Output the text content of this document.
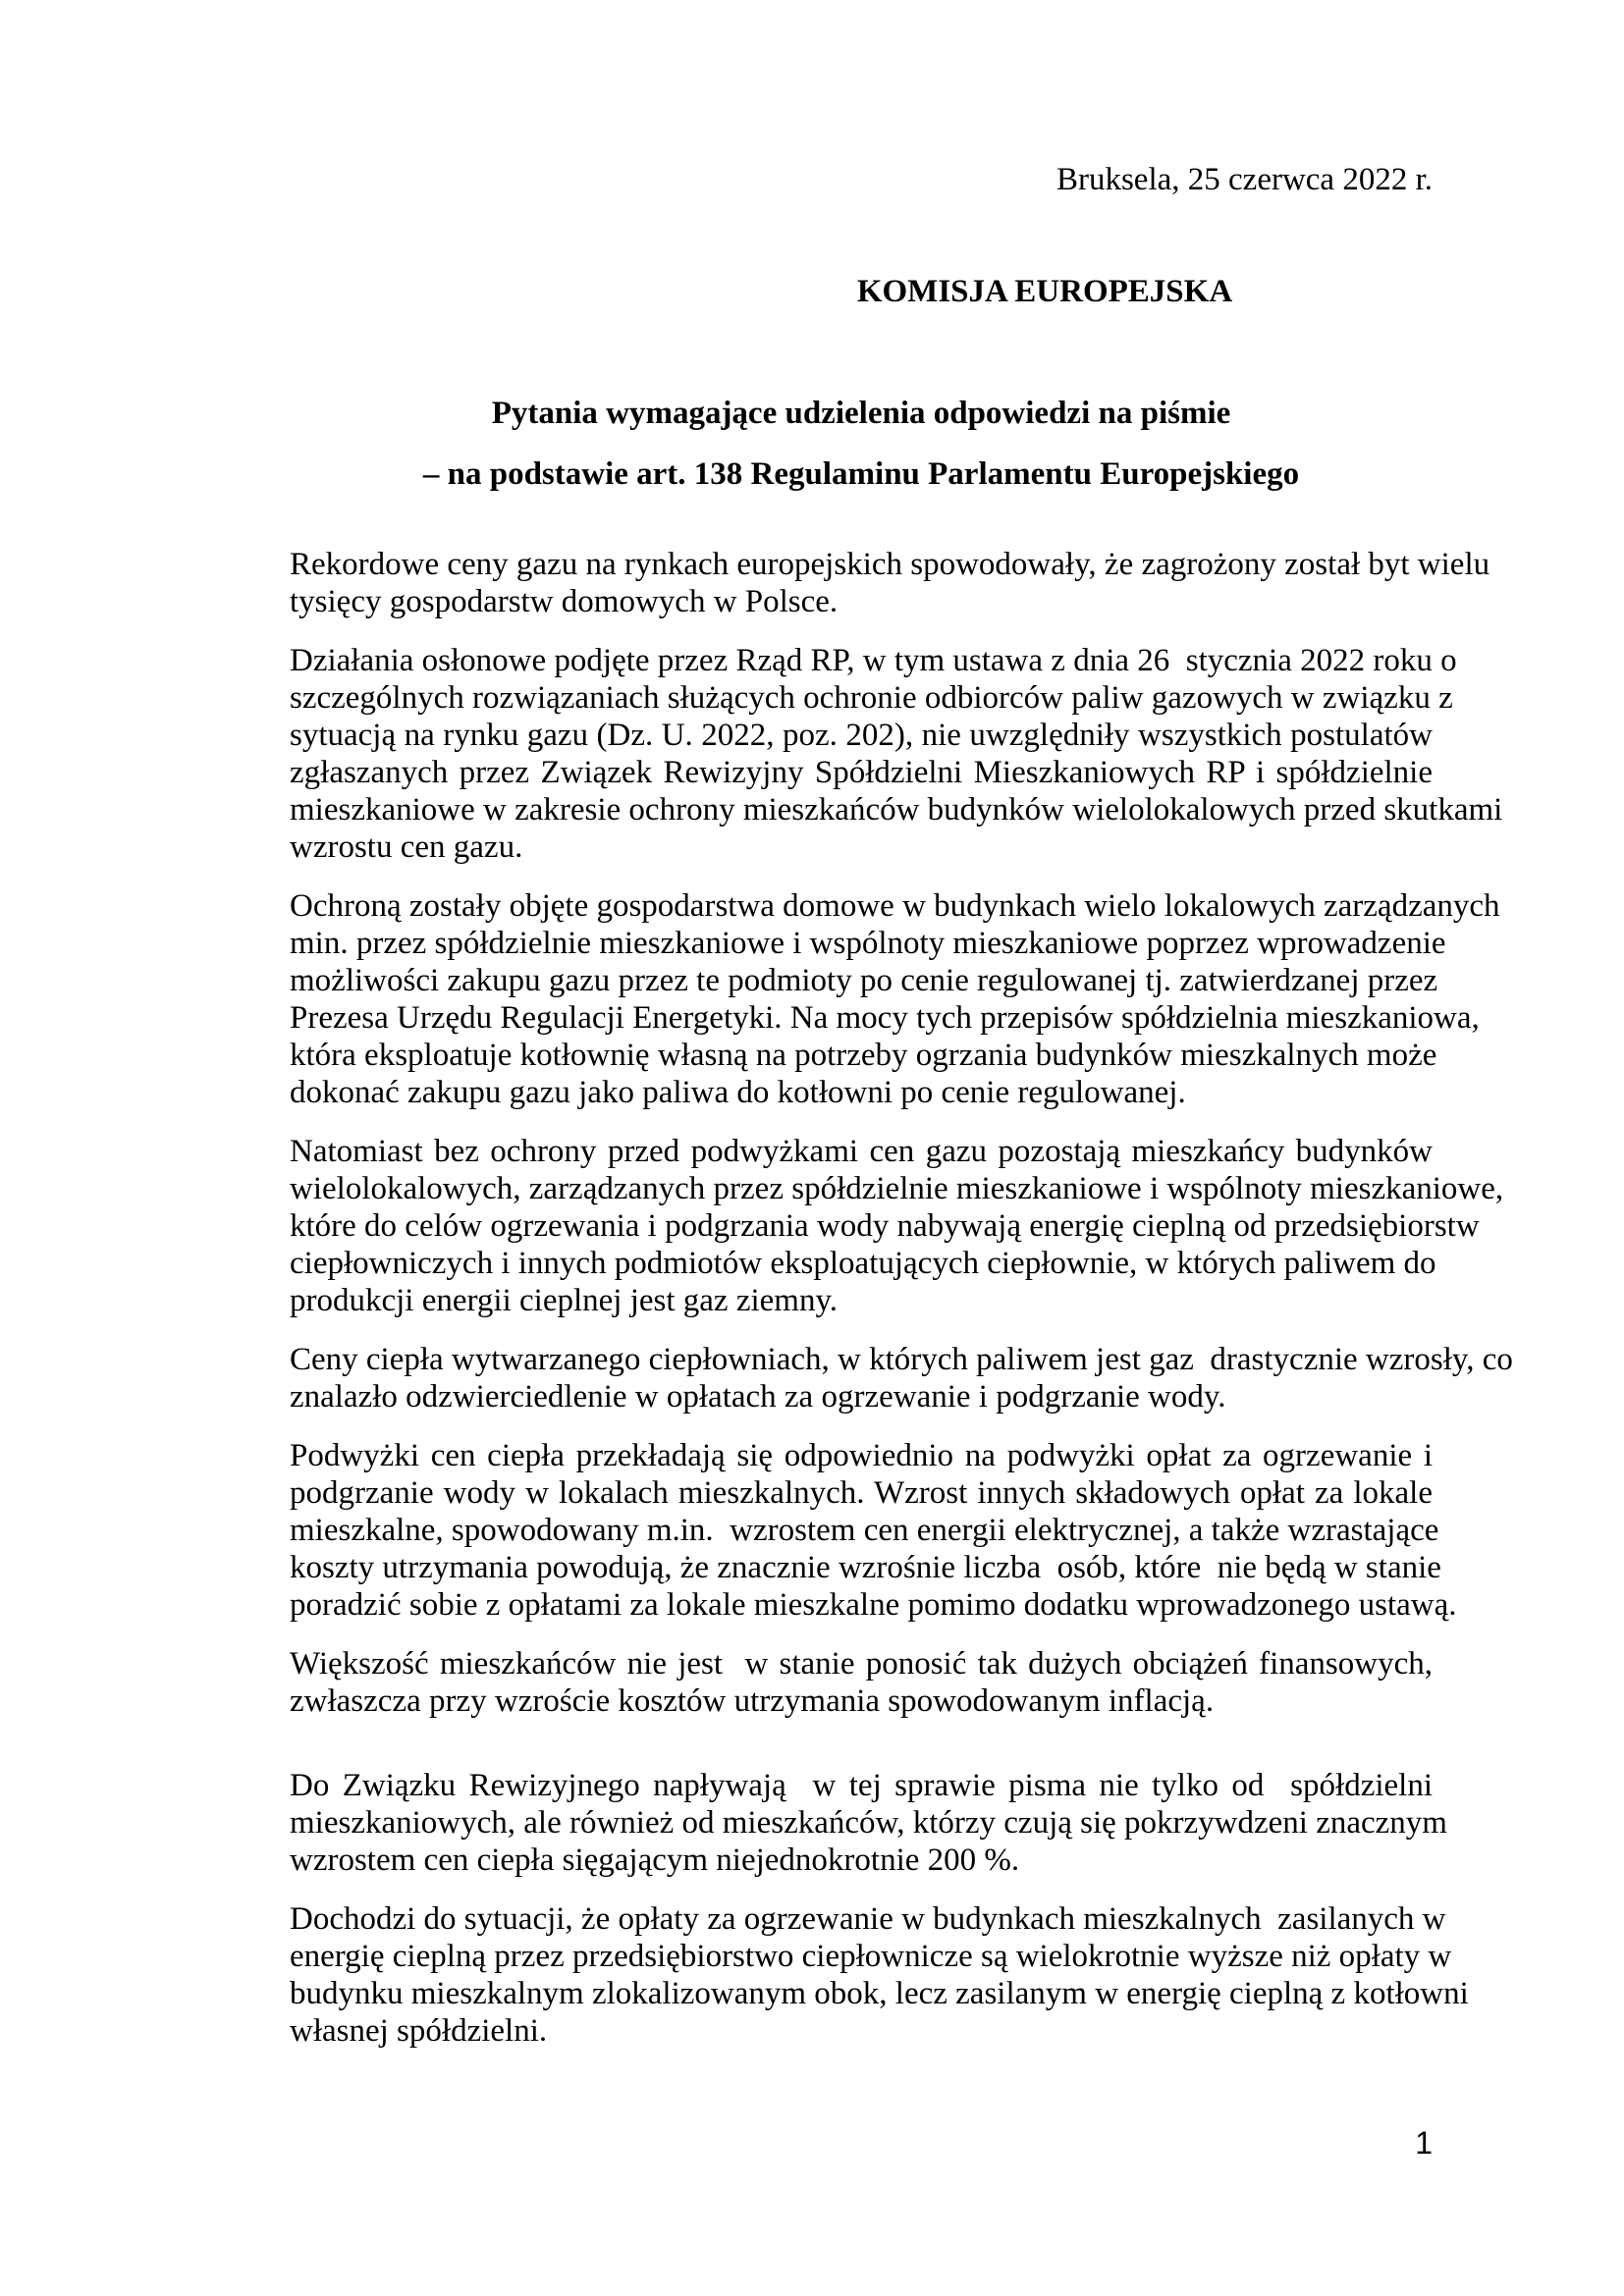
Bruksela, 25 czerwca 2022 r.
KOMISJA EUROPEJSKA
Pytania wymagające udzielenia odpowiedzi na piśmie
– na podstawie art. 138 Regulaminu Parlamentu Europejskiego
Rekordowe ceny gazu na rynkach europejskich spowodowały, że zagrożony został byt wielu
tysięcy gospodarstw domowych w Polsce.
Działania osłonowe podjęte przez Rząd RP, w tym ustawa z dnia 26  stycznia 2022 roku o
szczególnych rozwiązaniach służących ochronie odbiorców paliw gazowych w związku z
sytuacją na rynku gazu (Dz. U. 2022, poz. 202), nie uwzględniły wszystkich postulatów
zgłaszanych przez Związek Rewizyjny Spółdzielni Mieszkaniowych RP i spółdzielnie
mieszkaniowe w zakresie ochrony mieszkańców budynków wielolokalowych przed skutkami
wzrostu cen gazu.
Ochroną zostały objęte gospodarstwa domowe w budynkach wielo lokalowych zarządzanych
min. przez spółdzielnie mieszkaniowe i wspólnoty mieszkaniowe poprzez wprowadzenie
możliwości zakupu gazu przez te podmioty po cenie regulowanej tj. zatwierdzanej przez
Prezesa Urzędu Regulacji Energetyki. Na mocy tych przepisów spółdzielnia mieszkaniowa,
która eksploatuje kotłownię własną na potrzeby ogrzania budynków mieszkalnych może
dokonać zakupu gazu jako paliwa do kotłowni po cenie regulowanej.
Natomiast bez ochrony przed podwyżkami cen gazu pozostają mieszkańcy budynków
wielolokalowych, zarządzanych przez spółdzielnie mieszkaniowe i wspólnoty mieszkaniowe,
które do celów ogrzewania i podgrzania wody nabywają energię cieplną od przedsiębiorstw
ciepłowniczych i innych podmiotów eksploatujących ciepłownie, w których paliwem do
produkcji energii cieplnej jest gaz ziemny.
Ceny ciepła wytwarzanego ciepłowniach, w których paliwem jest gaz  drastycznie wzrosły, co
znalazło odzwierciedlenie w opłatach za ogrzewanie i podgrzanie wody.
Podwyżki cen ciepła przekładają się odpowiednio na podwyżki opłat za ogrzewanie i
podgrzanie wody w lokalach mieszkalnych. Wzrost innych składowych opłat za lokale
mieszkalne, spowodowany m.in.  wzrostem cen energii elektrycznej, a także wzrastające
koszty utrzymania powodują, że znacznie wzrośnie liczba  osób, które  nie będą w stanie
poradzić sobie z opłatami za lokale mieszkalne pomimo dodatku wprowadzonego ustawą.
Większość mieszkańców nie jest  w stanie ponosić tak dużych obciążeń finansowych,
zwłaszcza przy wzroście kosztów utrzymania spowodowanym inflacją.
Do Związku Rewizyjnego napływają  w tej sprawie pisma nie tylko od  spółdzielni
mieszkaniowych, ale również od mieszkańców, którzy czują się pokrzywdzeni znacznym
wzrostem cen ciepła sięgającym niejednokrotnie 200 %.
Dochodzi do sytuacji, że opłaty za ogrzewanie w budynkach mieszkalnych  zasilanych w
energię cieplną przez przedsiębiorstwo ciepłownicze są wielokrotnie wyższe niż opłaty w
budynku mieszkalnym zlokalizowanym obok, lecz zasilanym w energię cieplną z kotłowni
własnej spółdzielni.
1
